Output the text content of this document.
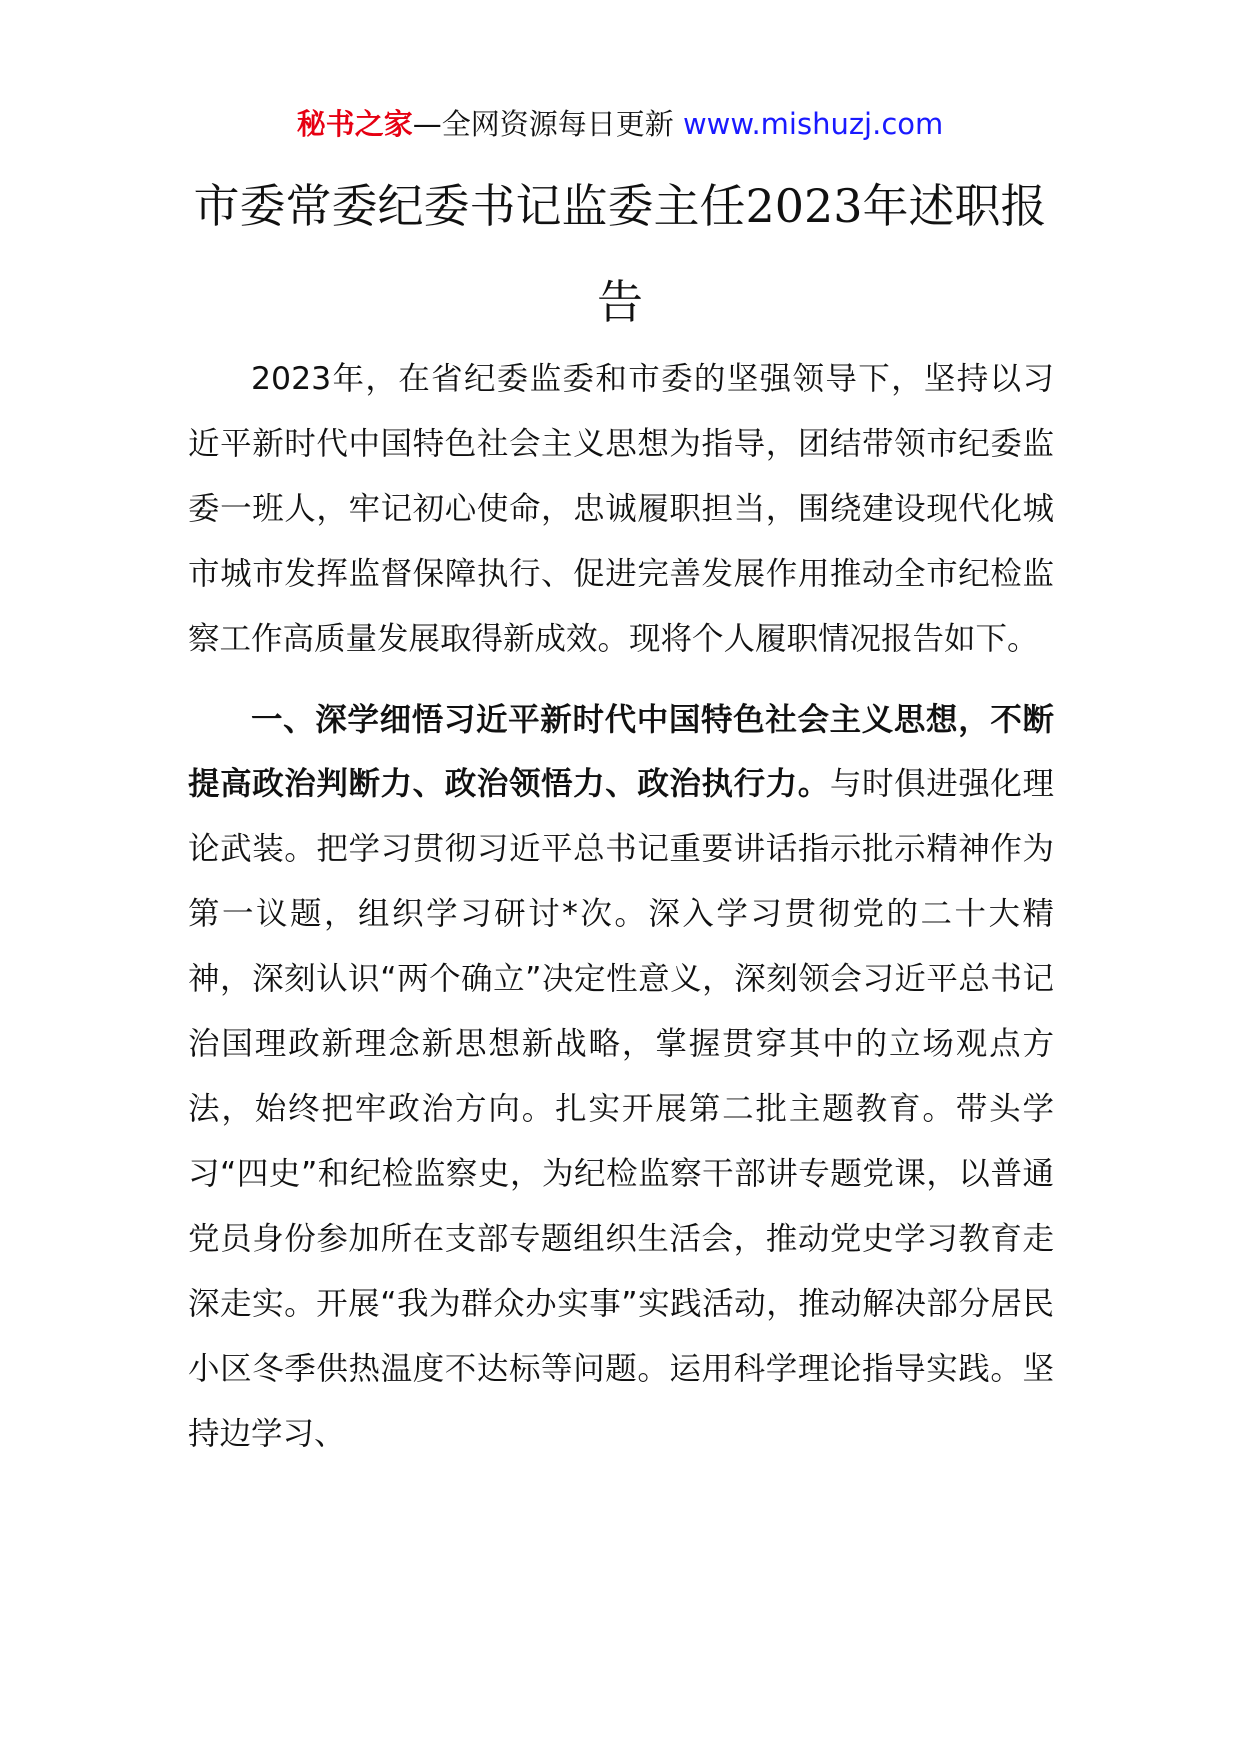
秘书之家—全网资源每日更新 www.mishuzj.com
市委常委纪委书记监委主任2023年述职报告

2023年，在省纪委监委和市委的坚强领导下，坚持以习近平新时代中国特色社会主义思想为指导，团结带领市纪委监委一班人，牢记初心使命，忠诚履职担当，围绕建设现代化城市城市发挥监督保障执行、促进完善发展作用推动全市纪检监察工作高质量发展取得新成效。现将个人履职情况报告如下。

一、深学细悟习近平新时代中国特色社会主义思想，不断提高政治判断力、政治领悟力、政治执行力。与时俱进强化理论武装。把学习贯彻习近平总书记重要讲话指示批示精神作为第一议题，组织学习研讨*次。深入学习贯彻党的二十大精神，深刻认识“两个确立”决定性意义，深刻领会习近平总书记治国理政新理念新思想新战略，掌握贯穿其中的立场观点方法，始终把牢政治方向。扎实开展第二批主题教育。带头学习“四史”和纪检监察史，为纪检监察干部讲专题党课，以普通党员身份参加所在支部专题组织生活会，推动党史学习教育走深走实。开展“我为群众办实事”实践活动，推动解决部分居民小区冬季供热温度不达标等问题。运用科学理论指导实践。坚持边学习、
